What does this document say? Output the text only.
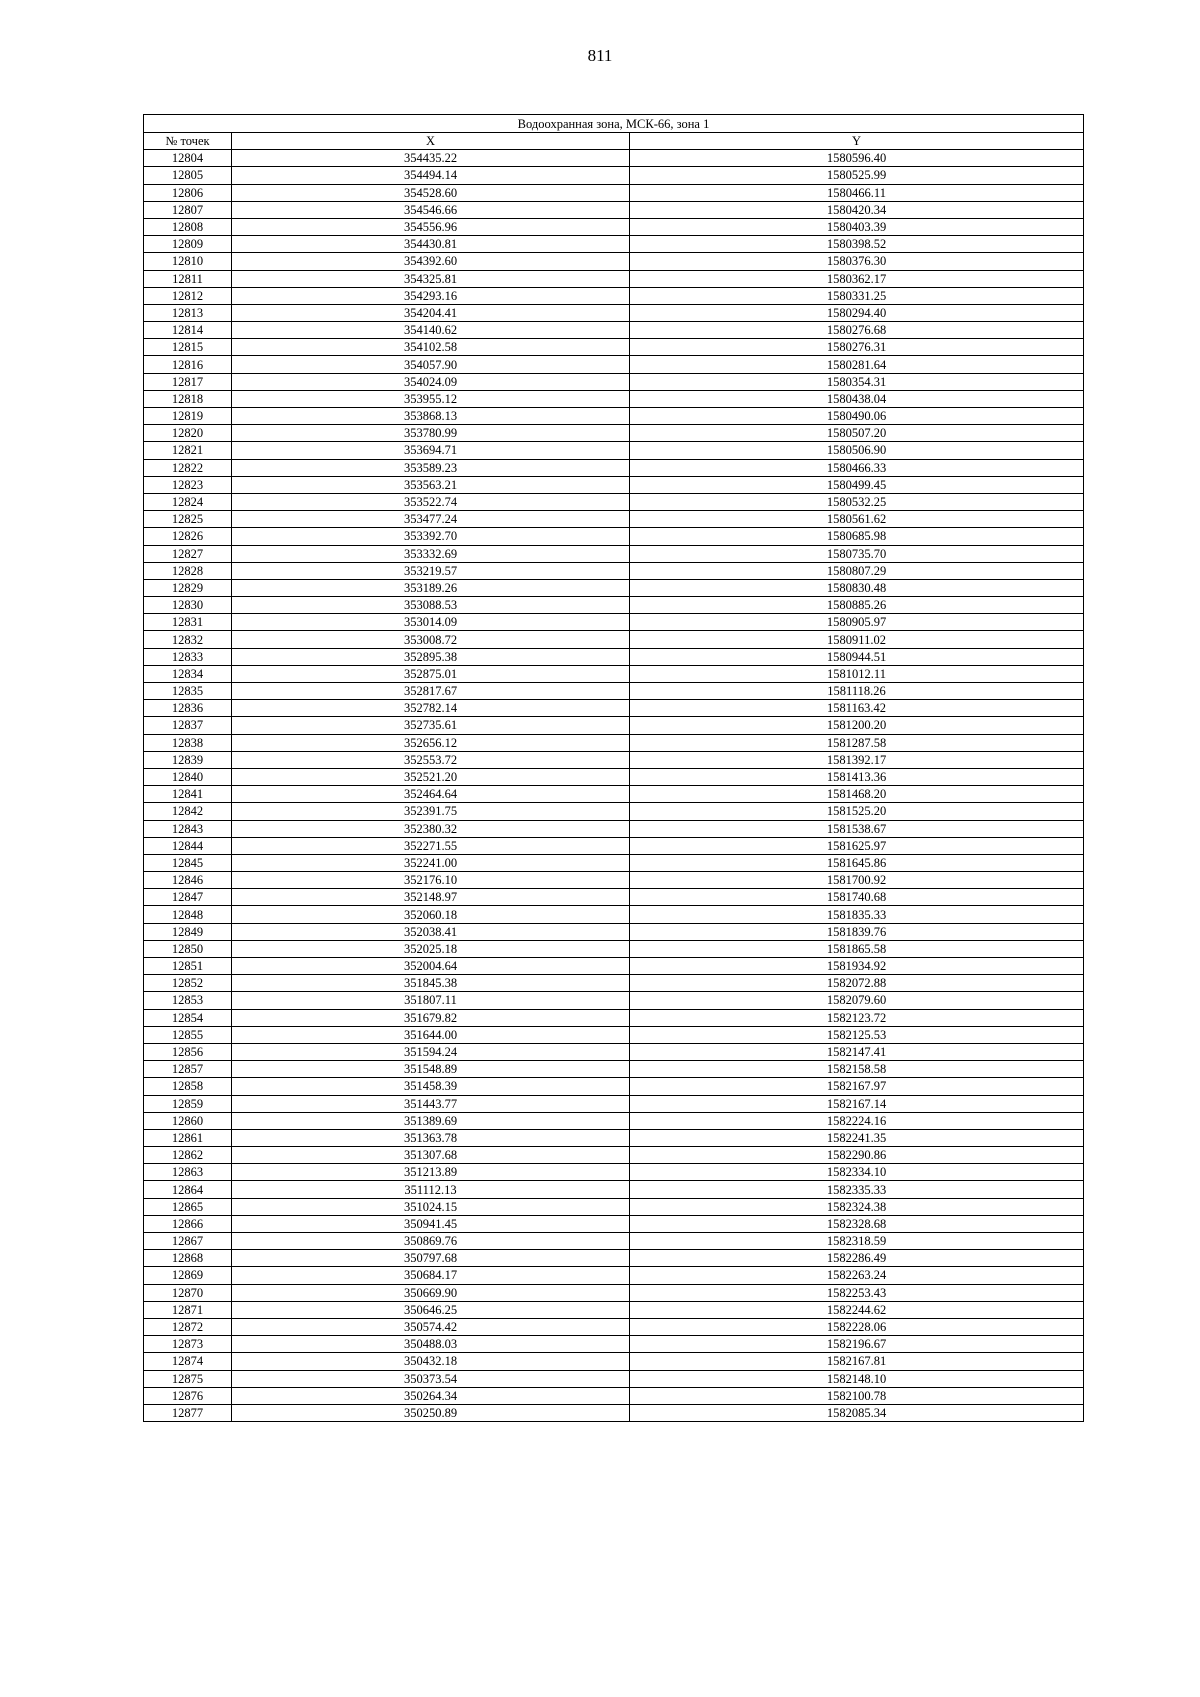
811
Водоохранная зона, МСК-66, зона 1		
№ точек	X	Y
12804	354435.22	1580596.40
12805	354494.14	1580525.99
12806	354528.60	1580466.11
12807	354546.66	1580420.34
12808	354556.96	1580403.39
12809	354430.81	1580398.52
12810	354392.60	1580376.30
12811	354325.81	1580362.17
12812	354293.16	1580331.25
12813	354204.41	1580294.40
12814	354140.62	1580276.68
12815	354102.58	1580276.31
12816	354057.90	1580281.64
12817	354024.09	1580354.31
12818	353955.12	1580438.04
12819	353868.13	1580490.06
12820	353780.99	1580507.20
12821	353694.71	1580506.90
12822	353589.23	1580466.33
12823	353563.21	1580499.45
12824	353522.74	1580532.25
12825	353477.24	1580561.62
12826	353392.70	1580685.98
12827	353332.69	1580735.70
12828	353219.57	1580807.29
12829	353189.26	1580830.48
12830	353088.53	1580885.26
12831	353014.09	1580905.97
12832	353008.72	1580911.02
12833	352895.38	1580944.51
12834	352875.01	1581012.11
12835	352817.67	1581118.26
12836	352782.14	1581163.42
12837	352735.61	1581200.20
12838	352656.12	1581287.58
12839	352553.72	1581392.17
12840	352521.20	1581413.36
12841	352464.64	1581468.20
12842	352391.75	1581525.20
12843	352380.32	1581538.67
12844	352271.55	1581625.97
12845	352241.00	1581645.86
12846	352176.10	1581700.92
12847	352148.97	1581740.68
12848	352060.18	1581835.33
12849	352038.41	1581839.76
12850	352025.18	1581865.58
12851	352004.64	1581934.92
12852	351845.38	1582072.88
12853	351807.11	1582079.60
12854	351679.82	1582123.72
12855	351644.00	1582125.53
12856	351594.24	1582147.41
12857	351548.89	1582158.58
12858	351458.39	1582167.97
12859	351443.77	1582167.14
12860	351389.69	1582224.16
12861	351363.78	1582241.35
12862	351307.68	1582290.86
12863	351213.89	1582334.10
12864	351112.13	1582335.33
12865	351024.15	1582324.38
12866	350941.45	1582328.68
12867	350869.76	1582318.59
12868	350797.68	1582286.49
12869	350684.17	1582263.24
12870	350669.90	1582253.43
12871	350646.25	1582244.62
12872	350574.42	1582228.06
12873	350488.03	1582196.67
12874	350432.18	1582167.81
12875	350373.54	1582148.10
12876	350264.34	1582100.78
12877	350250.89	1582085.34
